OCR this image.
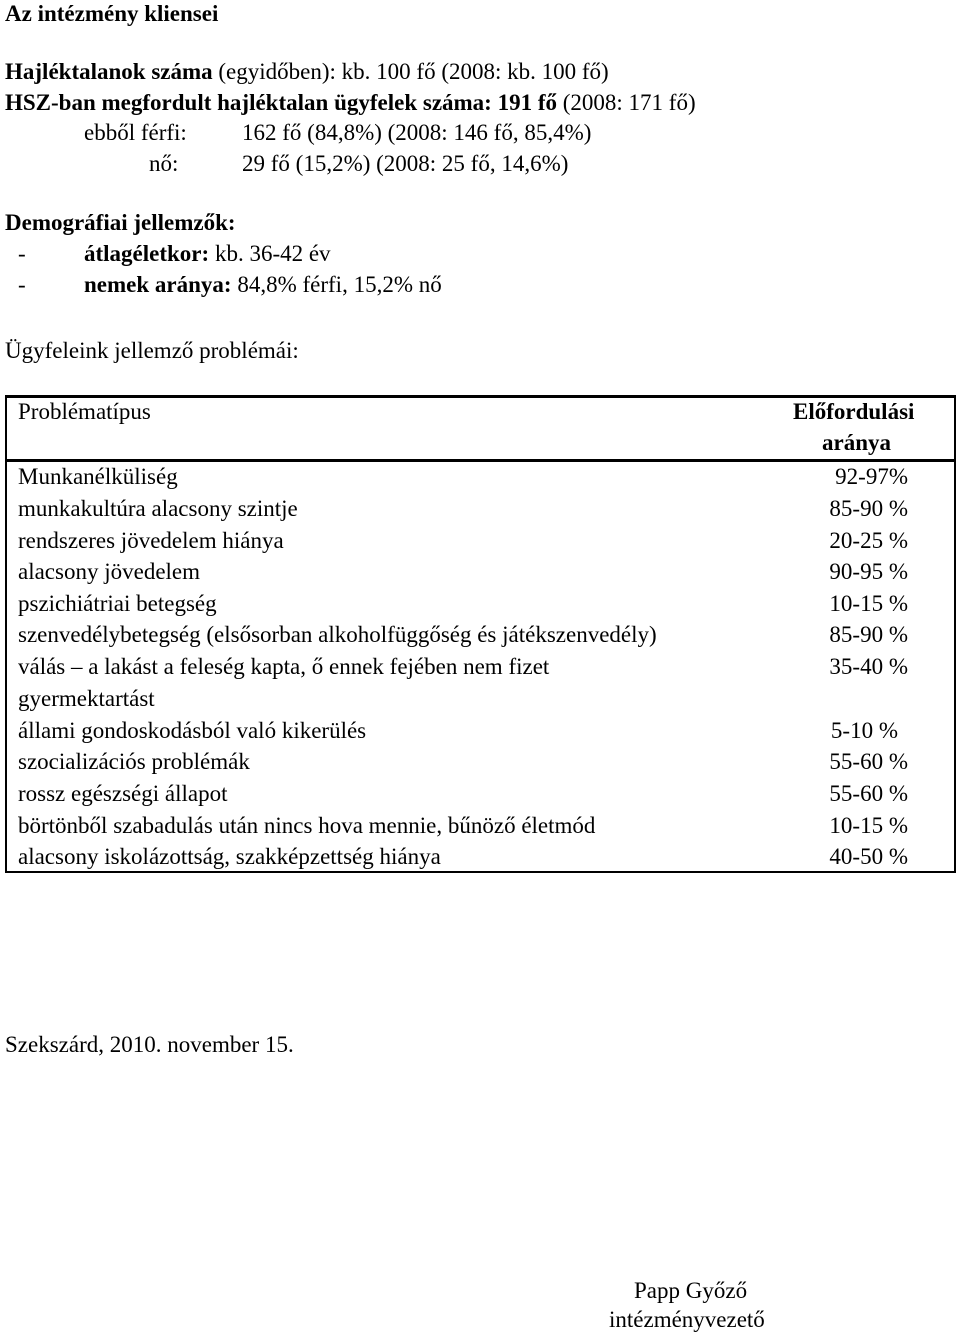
Az intézmény kliensei
Hajléktalanok száma (egyidőben): kb. 100 fő (2008: kb. 100 fő)
HSZ-ban megfordult hajléktalan ügyfelek száma: 191 fő (2008: 171 fő)
ebből férfi: 162 fő (84,8%) (2008: 146 fő, 85,4%)
nő:	29 fő (15,2%) (2008: 25 fő, 14,6%)
Demográfiai jellemzők:
-	átlagéletkor: kb. 36-42 év
-	nemek aránya: 84,8% férfi, 15,2% nő
Ügyfeleink jellemző problémái:
Problématípus	Előfordulási
aránya
Munkanélküliség	92-97%
munkakultúra alacsony szintje	85-90 %
rendszeres jövedelem hiánya	20-25 %
alacsony jövedelem	90-95 %
pszichiátriai betegség	10-15 %
szenvedélybetegség (elsősorban alkoholfüggőség és játékszenvedély)	85-90 %
válás – a lakást a feleség kapta, ő ennek fejében nem fizet	35-40 %
gyermektartást
állami gondoskodásból való kikerülés	5-10 %
szocializációs problémák	55-60 %
rossz egészségi állapot	55-60 %
börtönből szabadulás után nincs hova mennie, bűnöző életmód	10-15 %
alacsony iskolázottság, szakképzettség hiánya	40-50 %
Szekszárd, 2010. november 15.
Papp Győző
intézményvezető
